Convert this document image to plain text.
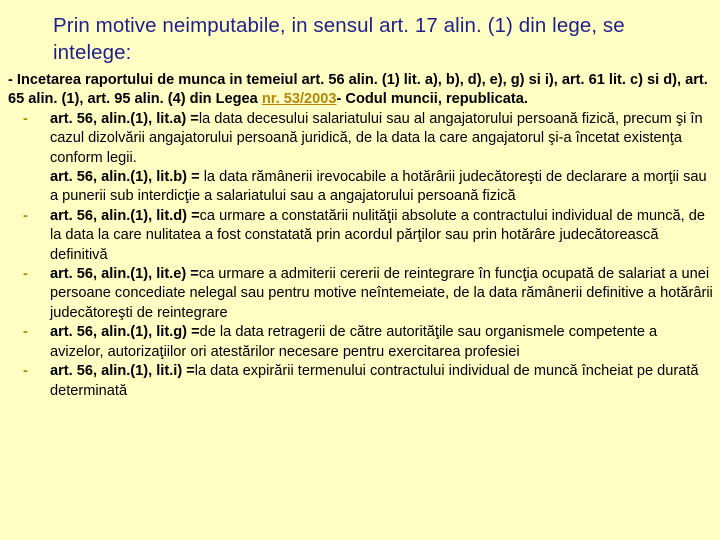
Prin motive neimputabile, in sensul art. 17 alin. (1) din lege, se intelege:
- Incetarea raportului de munca in temeiul art. 56 alin. (1) lit. a), b), d), e), g) si i), art. 61 lit. c) si d), art. 65 alin. (1), art. 95 alin. (4) din Legea nr. 53/2003- Codul muncii, republicata.
- art. 56, alin.(1), lit.a) =la data decesului salariatului sau al angajatorului persoană fizică, precum şi în cazul dizolvării angajatorului persoană juridică, de la data la care angajatorul şi-a încetat existenţa conform legii.
art. 56, alin.(1), lit.b) = la data rămânerii irevocabile a hotărârii judecătoreşti de declarare a morţii sau a punerii sub interdicţie a salariatului sau a angajatorului persoană fizică
- art. 56, alin.(1), lit.d) =ca urmare a constatării nulităţii absolute a contractului individual de muncă, de la data la care nulitatea a fost constatată prin acordul părţilor sau prin hotărâre judecătorească definitivă
- art. 56, alin.(1), lit.e) =ca urmare a admiterii cererii de reintegrare în funcţia ocupată de salariat a unei persoane concediate nelegal sau pentru motive neîntemeiate, de la data rămânerii definitive a hotărârii judecătoreşti de reintegrare
- art. 56, alin.(1), lit.g) =de la data retragerii de către autorităţile sau organismele competente a avizelor, autorizaţiilor ori atestărilor necesare pentru exercitarea profesiei
- art. 56, alin.(1), lit.i) =la data expirării termenului contractului individual de muncă încheiat pe durată determinată
